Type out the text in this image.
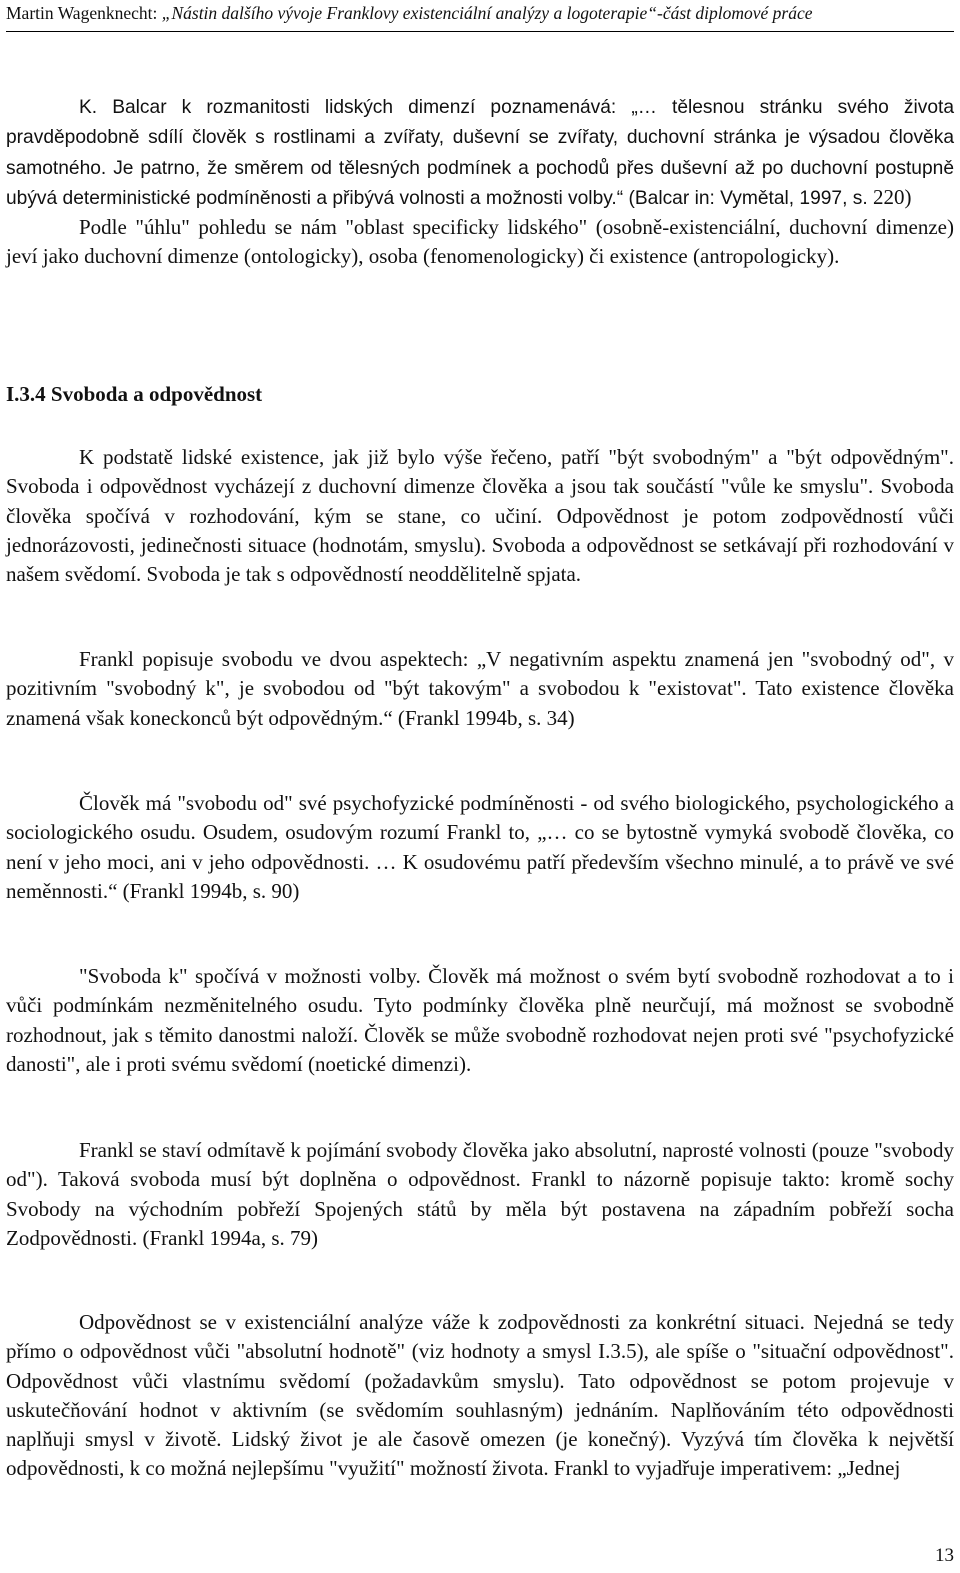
Martin Wagenknecht: „Nástin dalšího vývoje Franklovy existenciální analýzy a logoterapie“-část diplomové práce

K. Balcar k rozmanitosti lidských dimenzí poznamenává: „… tělesnou stránku svého života pravděpodobně sdílí člověk s rostlinami a zvířaty, duševní se zvířaty, duchovní stránka je výsadou člověka samotného. Je patrno, že směrem od tělesných podmínek a pochodů přes duševní až po duchovní postupně ubývá deterministické podmíněnosti a přibývá volnosti a možnosti volby.“ (Balcar in: Vymětal, 1997, s. 220)

Podle "úhlu" pohledu se nám "oblast specificky lidského" (osobně-existenciální, duchovní dimenze) jeví jako duchovní dimenze (ontologicky), osoba (fenomenologicky) či existence (antropologicky).

I.3.4 Svoboda a odpovědnost

K podstatě lidské existence, jak již bylo výše řečeno, patří "být svobodným" a "být odpovědným". Svoboda i odpovědnost vycházejí z duchovní dimenze člověka a jsou tak součástí "vůle ke smyslu". Svoboda člověka spočívá v rozhodování, kým se stane, co učiní. Odpovědnost je potom zodpovědností vůči jednorázovosti, jedinečnosti situace (hodnotám, smyslu). Svoboda a odpovědnost se setkávají při rozhodování v našem svědomí. Svoboda je tak s odpovědností neoddělitelně spjata.

Frankl popisuje svobodu ve dvou aspektech: „V negativním aspektu znamená jen "svobodný od", v pozitivním "svobodný k", je svobodou od "být takovým" a svobodou k "existovat". Tato existence člověka znamená však koneckonců být odpovědným.“ (Frankl 1994b, s. 34)

Člověk má "svobodu od" své psychofyzické podmíněnosti - od svého biologického, psychologického a sociologického osudu. Osudem, osudovým rozumí Frankl to, „… co se bytostně vymyká svobodě člověka, co není v jeho moci, ani v jeho odpovědnosti. … K osudovému patří především všechno minulé, a to právě ve své neměnnosti.“ (Frankl 1994b, s. 90)

"Svoboda k" spočívá v možnosti volby. Člověk má možnost o svém bytí svobodně rozhodovat a to i vůči podmínkám nezměnitelného osudu. Tyto podmínky člověka plně neurčují, má možnost se svobodně rozhodnout, jak s těmito danostmi naloží. Člověk se může svobodně rozhodovat nejen proti své "psychofyzické danosti", ale i proti svému svědomí (noetické dimenzi).

Frankl se staví odmítavě k pojímání svobody člověka jako absolutní, naprosté volnosti (pouze "svobody od"). Taková svoboda musí být doplněna o odpovědnost. Frankl to názorně popisuje takto: kromě sochy Svobody na východním pobřeží Spojených států by měla být postavena na západním pobřeží socha Zodpovědnosti. (Frankl 1994a, s. 79)

Odpovědnost se v existenciální analýze váže k zodpovědnosti za konkrétní situaci. Nejedná se tedy přímo o odpovědnost vůči "absolutní hodnotě" (viz hodnoty a smysl I.3.5), ale spíše o "situační odpovědnost". Odpovědnost vůči vlastnímu svědomí (požadavkům smyslu). Tato odpovědnost se potom projevuje v uskutečňování hodnot v aktivním (se svědomím souhlasným) jednáním. Naplňováním této odpovědnosti naplňuji smysl v životě. Lidský život je ale časově omezen (je konečný). Vyzývá tím člověka k největší odpovědnosti, k co možná nejlepšímu "využití" možností života. Frankl to vyjadřuje imperativem: „Jednej

13
